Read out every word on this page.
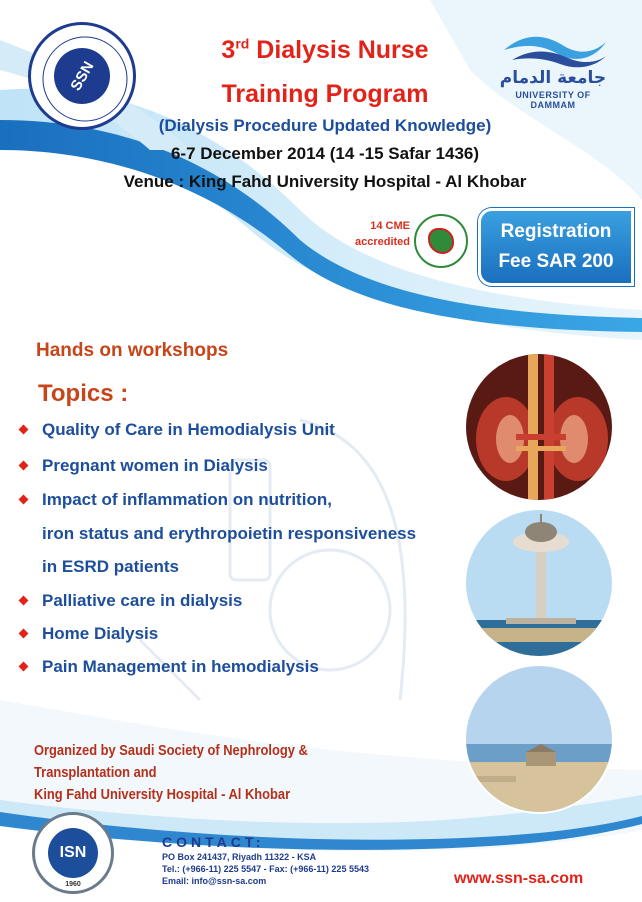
SSN	جامعة الدمام
UNIVERSITY OF DAMMAM
3rd Dialysis Nurse
Training Program
(Dialysis Procedure Updated Knowledge)
6-7 December 2014 (14 -15 Safar 1436)
Venue : King Fahd University Hospital - Al Khobar
14 CME
accredited	Registration
Fee SAR 200
Hands on workshops
Topics :
Quality of Care in Hemodialysis Unit
Pregnant women in Dialysis
Impact of inflammation on nutrition,
iron status and erythropoietin responsiveness
in ESRD patients
Palliative care in dialysis
Home Dialysis
Pain Management in hemodialysis
Organized by Saudi Society of Nephrology & Transplantation and
King Fahd University Hospital - Al Khobar
ISN
1960
CONTACT:
PO Box 241437, Riyadh 11322 - KSA
Tel.: (+966-11) 225 5547 - Fax: (+966-11) 225 5543
Email: info@ssn-sa.com	www.ssn-sa.com
